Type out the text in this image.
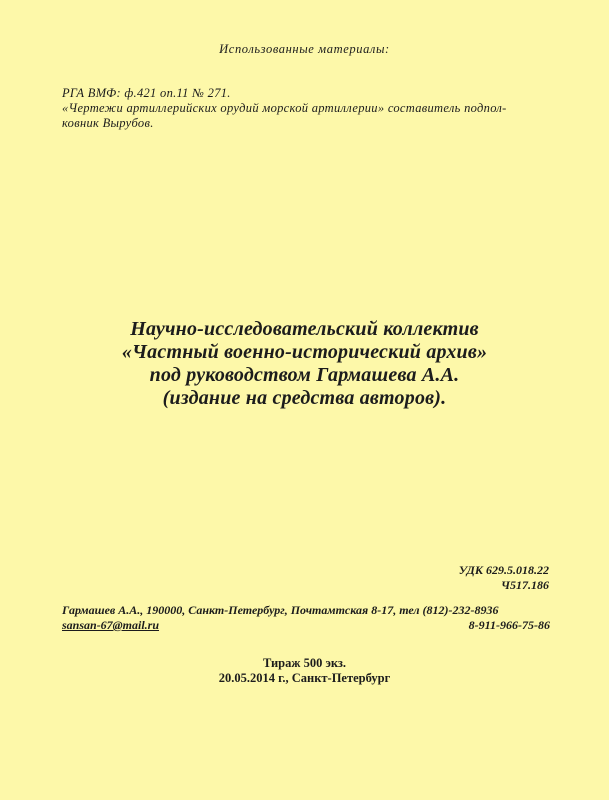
Использованные материалы:

РГА ВМФ: ф.421 оп.11 № 271.

«Чертежи артиллерийских орудий морской артиллерии» составитель подпол-
ковник Вырубов.

Научно-исследовательский коллектив
«Частный военно-исторический архив»
под руководством Гармашева А.А.
(издание на средства авторов).
УДК 629.5.018.22
Ч517.186
Гармашев А.А., 190000, Санкт-Петербург, Почтамтская 8-17, тел (812)-232-8936
sansan-67@mail.ru	8-911-966-75-86
Тираж 500 экз.
20.05.2014 г., Санкт-Петербург
